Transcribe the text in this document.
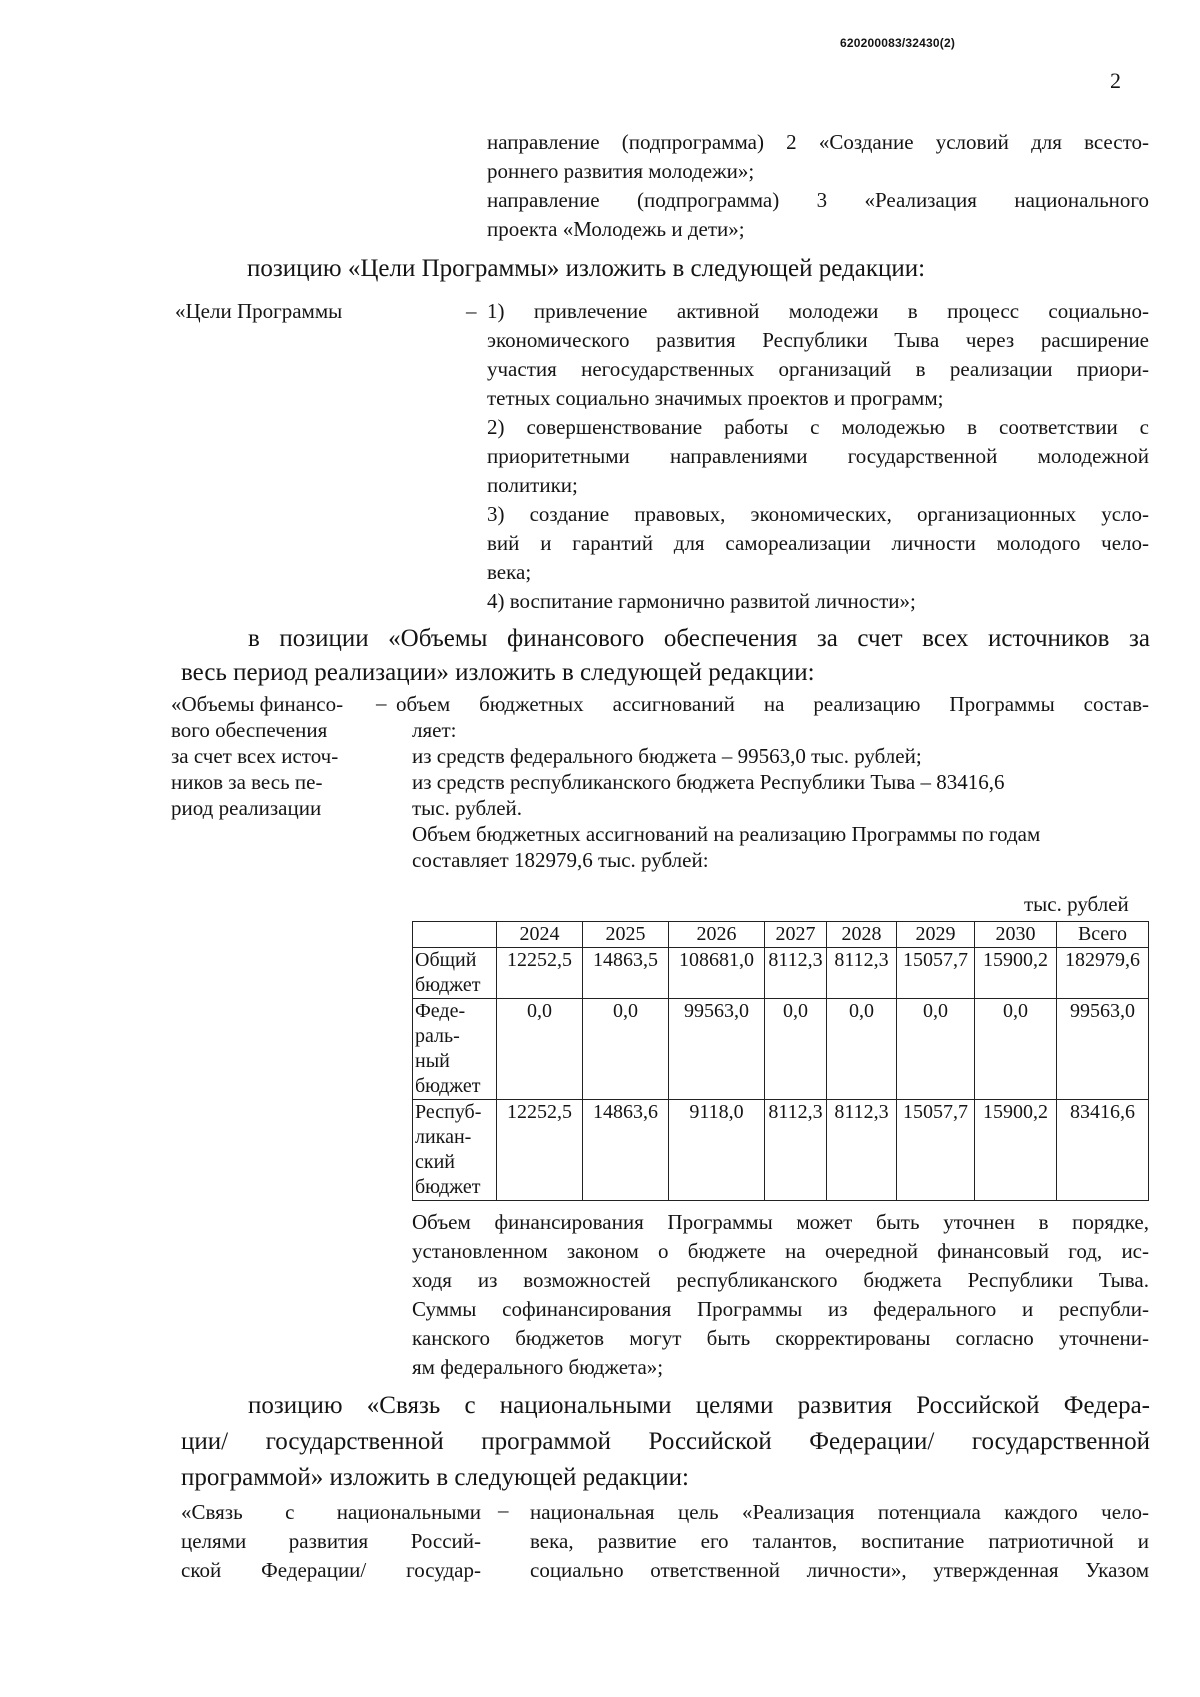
620200083/32430(2)
2
направление (подпрограмма) 2 «Создание условий для всесто-
роннего развития молодежи»;
направление (подпрограмма) 3 «Реализация национального
проекта «Молодежь и дети»;
позицию «Цели Программы» изложить в следующей редакции:
«Цели Программы	– 1) привлечение активной молодежи в процесс социально-
экономического развития Республики Тыва через расширение
участия негосударственных организаций в реализации приори-
тетных социально значимых проектов и программ;
2) совершенствование работы с молодежью в соответствии с
приоритетными направлениями государственной молодежной
политики;
3) создание правовых, экономических, организационных усло-
вий и гарантий для самореализации личности молодого чело-
века;
4) воспитание гармонично развитой личности»;
в позиции «Объемы финансового обеспечения за счет всех источников за
весь период реализации» изложить в следующей редакции:
«Объемы финансо-
вого обеспечения
за счет всех источ-
ников за весь пе-
риод реализации
– объем бюджетных ассигнований на реализацию Программы состав-
ляет:
из средств федерального бюджета – 99563,0 тыс. рублей;
из средств республиканского бюджета Республики Тыва – 83416,6
тыс. рублей.
Объем бюджетных ассигнований на реализацию Программы по годам
составляет 182979,6 тыс. рублей:
тыс. рублей
	2024	2025	2026	2027	2028	2029	2030	Всего

Общий
бюджет	12252,5	14863,5	108681,0	8112,3	8112,3	15057,7	15900,2	182979,6

Феде-
раль-
ный
бюджет	0,0	0,0	99563,0	0,0	0,0	0,0	0,0	99563,0

Респуб-
ликан-
ский
бюджет	12252,5	14863,6	9118,0	8112,3	8112,3	15057,7	15900,2	83416,6
Объем финансирования Программы может быть уточнен в порядке,
установленном законом о бюджете на очередной финансовый год, ис-
ходя из возможностей республиканского бюджета Республики Тыва.
Суммы софинансирования Программы из федерального и республи-
канского бюджетов могут быть скорректированы согласно уточнени-
ям федерального бюджета»;
позицию «Связь с национальными целями развития Российской Федера-
ции/ государственной программой Российской Федерации/ государственной
программой» изложить в следующей редакции:
«Связь с национальными
целями развития Россий-
ской Федерации/ государ-
– национальная цель «Реализация потенциала каждого чело-
века, развитие его талантов, воспитание патриотичной и
социально ответственной личности», утвержденная Указом
